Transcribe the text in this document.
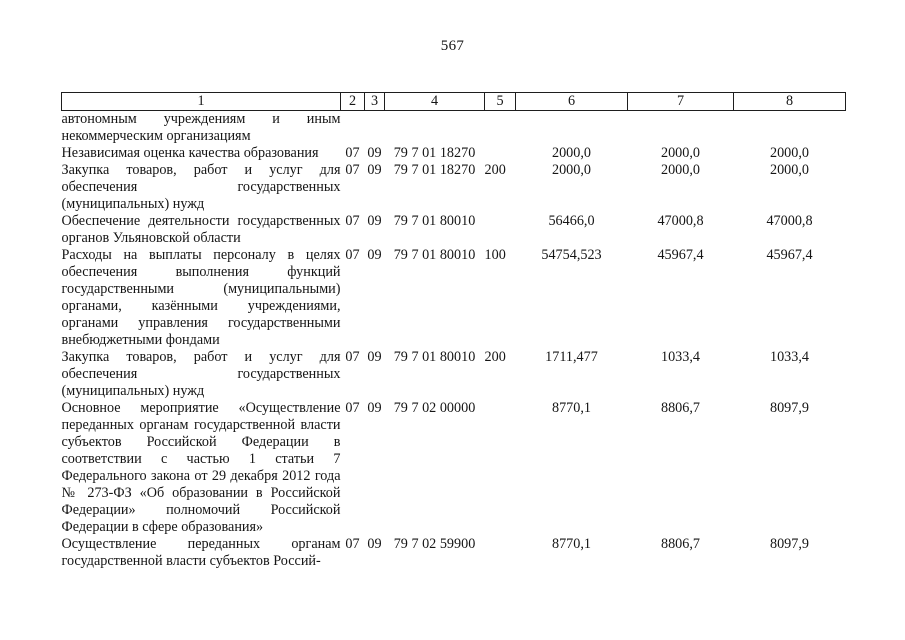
567
1	2	3	4	5	6	7	8
автономным учреждениям и иным некоммерческим организациям							
Независимая оценка качества образования	07	09	79 7 01 18270		2000,0	2000,0	2000,0
Закупка товаров, работ и услуг для обеспечения государственных (муниципальных) нужд	07	09	79 7 01 18270	200	2000,0	2000,0	2000,0
Обеспечение деятельности государственных органов Ульяновской области	07	09	79 7 01 80010		56466,0	47000,8	47000,8
Расходы на выплаты персоналу в целях обеспечения выполнения функций государственными (муниципальными) органами, казёнными учреждениями, органами управления государственными внебюджетными фондами	07	09	79 7 01 80010	100	54754,523	45967,4	45967,4
Закупка товаров, работ и услуг для обеспечения государственных (муниципальных) нужд	07	09	79 7 01 80010	200	1711,477	1033,4	1033,4
Основное мероприятие «Осуществление переданных органам государственной власти субъектов Российской Федерации в соответствии с частью 1 статьи 7 Федерального закона от 29 декабря 2012 года № 273-ФЗ «Об образовании в Российской Федерации» полномочий Российской Федерации в сфере образования»	07	09	79 7 02 00000		8770,1	8806,7	8097,9
Осуществление переданных органам государственной власти субъектов Россий-	07	09	79 7 02 59900		8770,1	8806,7	8097,9
